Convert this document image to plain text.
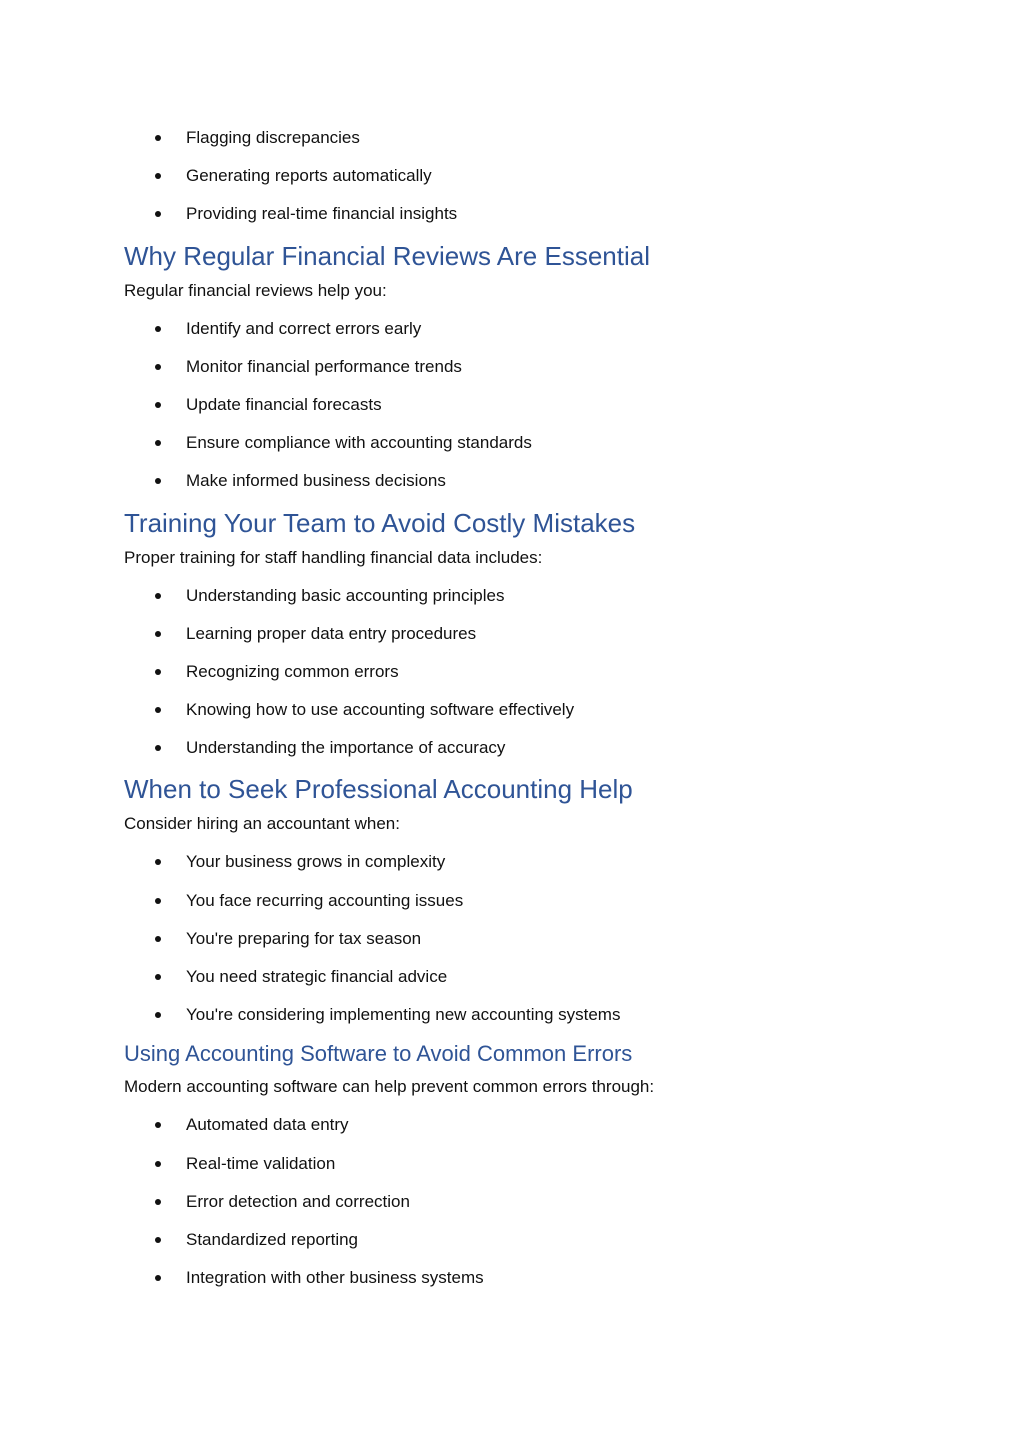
Flagging discrepancies
Generating reports automatically
Providing real-time financial insights
Why Regular Financial Reviews Are Essential

Regular financial reviews help you:

Identify and correct errors early
Monitor financial performance trends
Update financial forecasts
Ensure compliance with accounting standards
Make informed business decisions
Training Your Team to Avoid Costly Mistakes

Proper training for staff handling financial data includes:

Understanding basic accounting principles
Learning proper data entry procedures
Recognizing common errors
Knowing how to use accounting software effectively
Understanding the importance of accuracy
When to Seek Professional Accounting Help

Consider hiring an accountant when:

Your business grows in complexity
You face recurring accounting issues
You're preparing for tax season
You need strategic financial advice
You're considering implementing new accounting systems
Using Accounting Software to Avoid Common Errors

Modern accounting software can help prevent common errors through:

Automated data entry
Real-time validation
Error detection and correction
Standardized reporting
Integration with other business systems
